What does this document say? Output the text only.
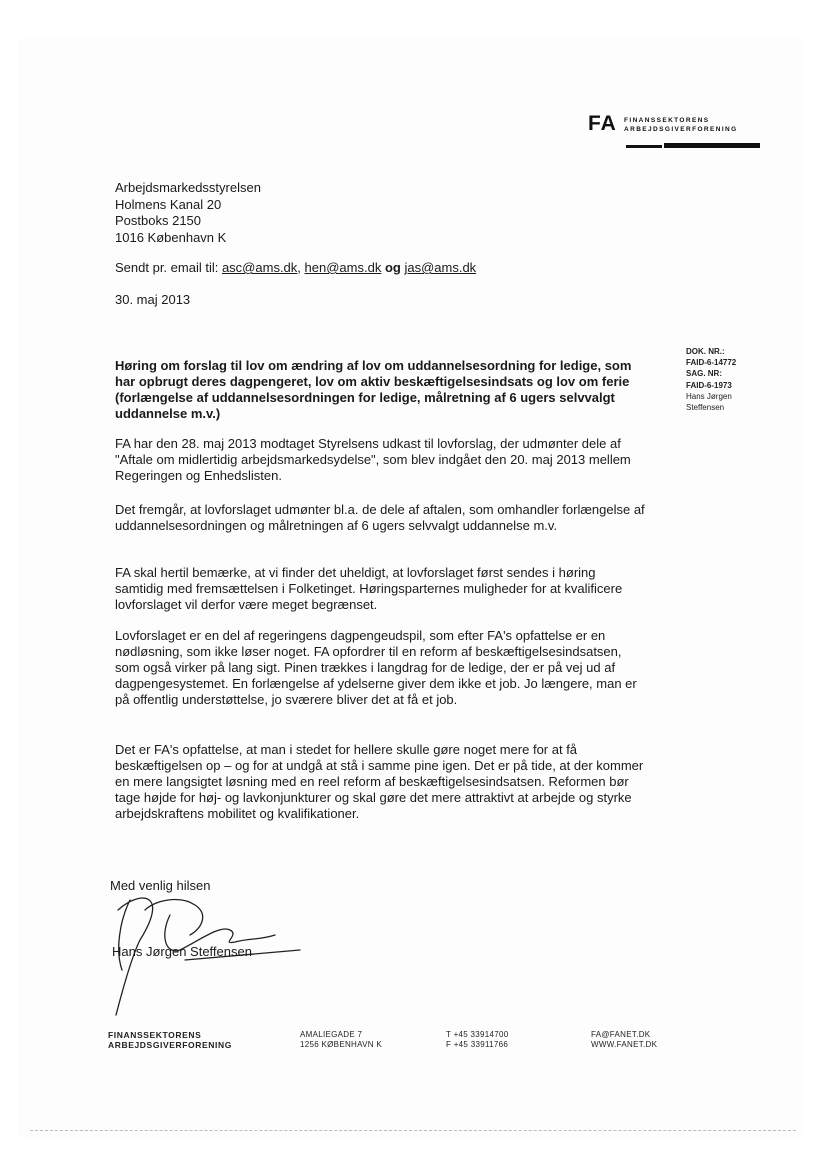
FA FINANSSEKTORENS
ARBEJDSGIVERFORENING
Arbejdsmarkedsstyrelsen
Holmens Kanal 20
Postboks 2150
1016 København K
Sendt pr. email til: asc@ams.dk, hen@ams.dk og jas@ams.dk
30. maj 2013
DOK. NR.:
FAID-6-14772
SAG. NR:
FAID-6-1973
Hans Jørgen
Steffensen
Høring om forslag til lov om ændring af lov om uddannelsesordning for ledige, som har opbrugt deres dagpengeret, lov om aktiv beskæftigelsesindsats og lov om ferie (forlængelse af uddannelsesordningen for ledige, målretning af 6 ugers selvvalgt uddannelse m.v.)
FA har den 28. maj 2013 modtaget Styrelsens udkast til lovforslag, der udmønter dele af "Aftale om midlertidig arbejdsmarkedsydelse", som blev indgået den 20. maj 2013 mellem Regeringen og Enhedslisten.
Det fremgår, at lovforslaget udmønter bl.a. de dele af aftalen, som omhandler forlængelse af uddannelsesordningen og målretningen af 6 ugers selvvalgt uddannelse m.v.
FA skal hertil bemærke, at vi finder det uheldigt, at lovforslaget først sendes i høring samtidig med fremsættelsen i Folketinget. Høringsparternes muligheder for at kvalificere lovforslaget vil derfor være meget begrænset.
Lovforslaget er en del af regeringens dagpengeudspil, som efter FA's opfattelse er en nødløsning, som ikke løser noget. FA opfordrer til en reform af beskæftigelsesindsatsen, som også virker på lang sigt. Pinen trækkes i langdrag for de ledige, der er på vej ud af dagpengesystemet. En forlængelse af ydelserne giver dem ikke et job. Jo længere, man er på offentlig understøttelse, jo sværere bliver det at få et job.
Det er FA's opfattelse, at man i stedet for hellere skulle gøre noget mere for at få beskæftigelsen op – og for at undgå at stå i samme pine igen. Det er på tide, at der kommer en mere langsigtet løsning med en reel reform af beskæftigelsesindsatsen. Reformen bør tage højde for høj- og lavkonjunkturer og skal gøre det mere attraktivt at arbejde og styrke arbejdskraftens mobilitet og kvalifikationer.
Med venlig hilsen
Hans Jørgen Steffensen
FINANSSEKTORENS
ARBEJDSGIVERFORENING
AMALIEGADE 7
1256 KØBENHAVN K
T +45 33914700
F +45 33911766
FA@FANET.DK
WWW.FANET.DK
